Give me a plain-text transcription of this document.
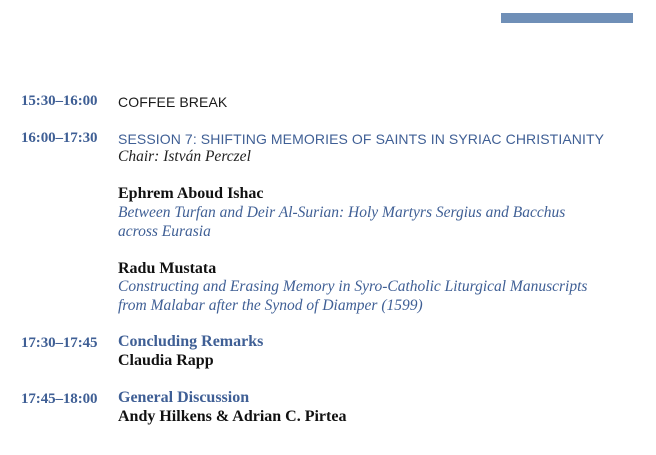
15:30–16:00 COFFEE BREAK
16:00–17:30 SESSION 7: SHIFTING MEMORIES OF SAINTS IN SYRIAC CHRISTIANITY
Chair: István Perczel
Ephrem Aboud Ishac
Between Turfan and Deir Al-Surian: Holy Martyrs Sergius and Bacchus
across Eurasia
Radu Mustata
Constructing and Erasing Memory in Syro-Catholic Liturgical Manuscripts
from Malabar after the Synod of Diamper (1599)
17:30–17:45 Concluding Remarks
Claudia Rapp
17:45–18:00 General Discussion
Andy Hilkens & Adrian C. Pirtea
